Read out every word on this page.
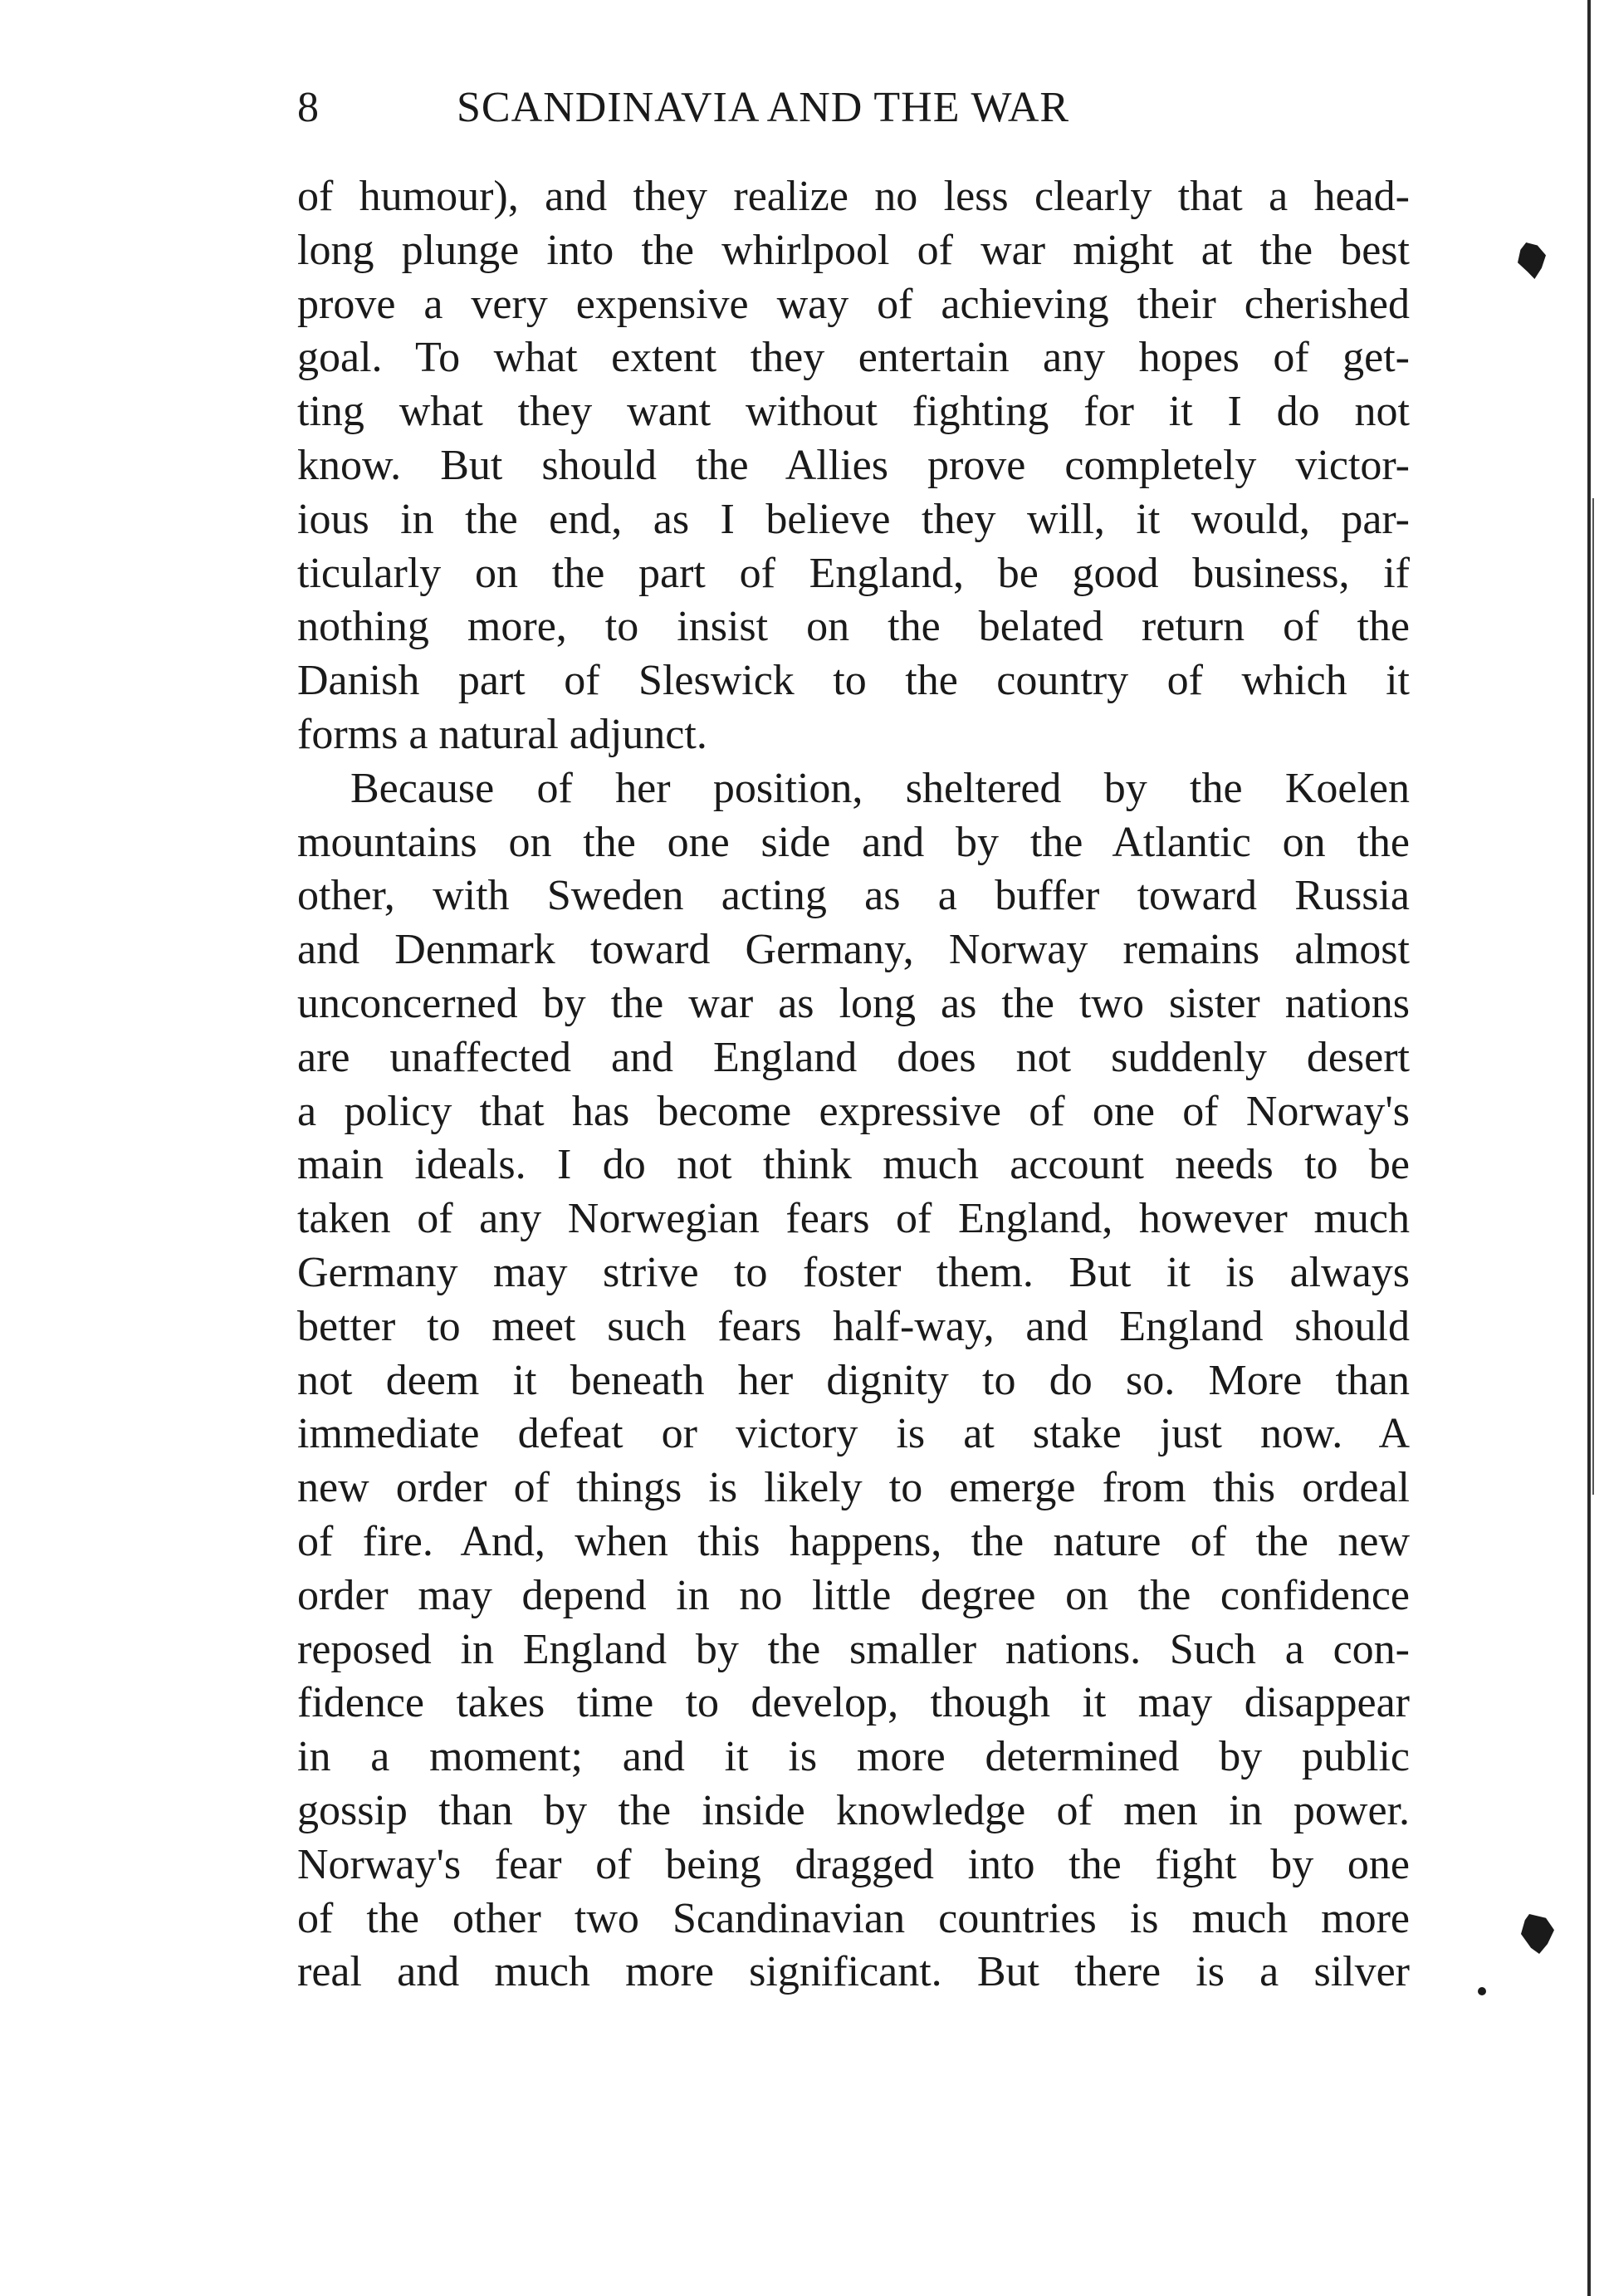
8	SCANDINAVIA AND THE WAR
of humour), and they realize no less clearly that a head-
long plunge into the whirlpool of war might at the best
prove a very expensive way of achieving their cherished
goal. To what extent they entertain any hopes of get-
ting what they want without fighting for it I do not
know. But should the Allies prove completely victor-
ious in the end, as I believe they will, it would, par-
ticularly on the part of England, be good business, if
nothing more, to insist on the belated return of the
Danish part of Sleswick to the country of which it
forms a natural adjunct.
Because of her position, sheltered by the Koelen
mountains on the one side and by the Atlantic on the
other, with Sweden acting as a buffer toward Russia
and Denmark toward Germany, Norway remains almost
unconcerned by the war as long as the two sister nations
are unaffected and England does not suddenly desert
a policy that has become expressive of one of Norway's
main ideals. I do not think much account needs to be
taken of any Norwegian fears of England, however much
Germany may strive to foster them. But it is always
better to meet such fears half-way, and England should
not deem it beneath her dignity to do so. More than
immediate defeat or victory is at stake just now. A
new order of things is likely to emerge from this ordeal
of fire. And, when this happens, the nature of the new
order may depend in no little degree on the confidence
reposed in England by the smaller nations. Such a con-
fidence takes time to develop, though it may disappear
in a moment; and it is more determined by public
gossip than by the inside knowledge of men in power.
Norway's fear of being dragged into the fight by one
of the other two Scandinavian countries is much more
real and much more significant. But there is a silver
